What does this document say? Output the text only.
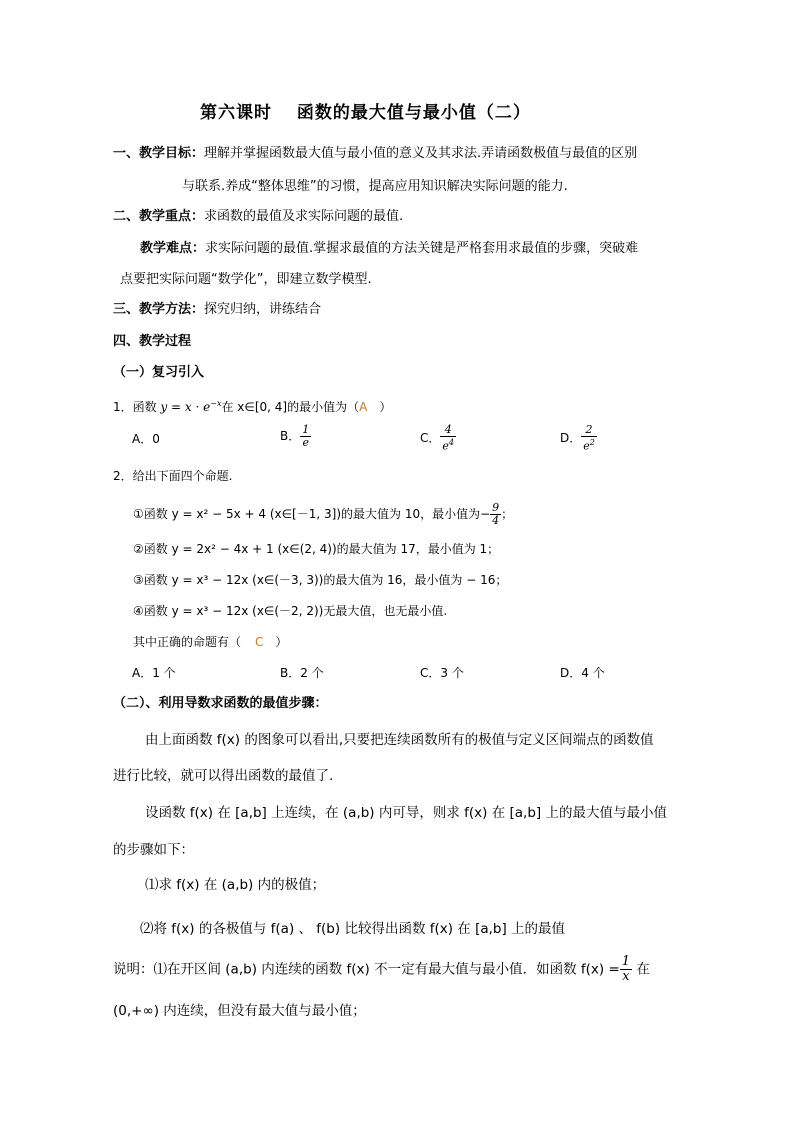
第六课时　 函数的最大值与最小值（二）
一、教学目标：理解并掌握函数最大值与最小值的意义及其求法.弄请函数极值与最值的区别
与联系.养成“整体思维”的习惯，提高应用知识解决实际问题的能力.
二、教学重点：求函数的最值及求实际问题的最值.
教学难点：求实际问题的最值.掌握求最值的方法关键是严格套用求最值的步骤，突破难
点要把实际问题“数学化”，即建立数学模型.
三、教学方法：探究归纳，讲练结合
四、教学过程
（一）复习引入
1．函数 $y = x \cdot e^{-x}$在 x∈[0, 4]的最小值为（A　）
A．0	B． $\frac{1}{e}$	C． $\frac{4}{e^4}$	D． $\frac{2}{e^2}$
2．给出下面四个命题.
①函数 y = x² − 5x + 4 (x∈[－1, 3])的最大值为 10，最小值为− $\frac{9}{4}$ ；
②函数 y = 2x² − 4x + 1 (x∈(2, 4))的最大值为 17，最小值为 1；
③函数 y = x³ − 12x (x∈(－3, 3))的最大值为 16，最小值为 − 16；
④函数 y = x³ − 12x (x∈(－2, 2))无最大值，也无最小值.
其中正确的命题有（ C　）
A．1 个	B．2 个	C．3 个	D．4 个
（二）、利用导数求函数的最值步骤：
由上面函数 f(x) 的图象可以看出,只要把连续函数所有的极值与定义区间端点的函数值
进行比较，就可以得出函数的最值了.
设函数 f(x) 在 [a,b] 上连续，在 (a,b) 内可导，则求 f(x) 在 [a,b] 上的最大值与最小值
的步骤如下：
⑴求 f(x) 在 (a,b) 内的极值；
⑵将 f(x) 的各极值与 f(a) 、 f(b) 比较得出函数 f(x) 在 [a,b] 上的最值
说明：⑴在开区间 (a,b) 内连续的函数 f(x) 不一定有最大值与最小值．如函数 $f(x) = \frac{1}{x}$ 在
(0,+∞) 内连续，但没有最大值与最小值；
